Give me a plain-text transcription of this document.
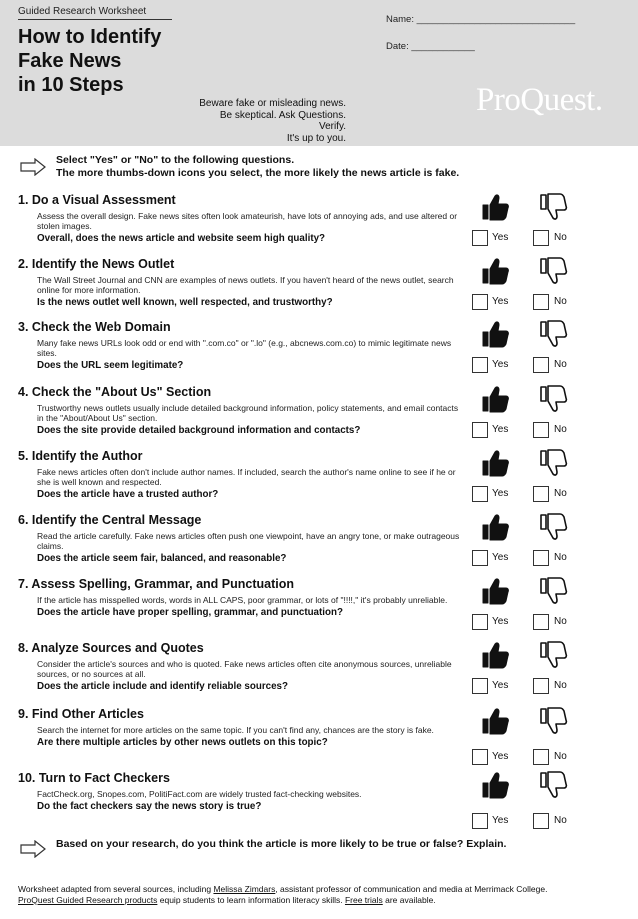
Guided Research Worksheet
How to Identify
Fake News
in 10 Steps
Name: ______________________________
Date: ____________
Beware fake or misleading news.
Be skeptical. Ask Questions.
Verify.
It's up to you.
ProQuest.
Select "Yes" or "No" to the following questions.
The more thumbs-down icons you select, the more likely the news article is fake.
1. Do a Visual Assessment
Assess the overall design. Fake news sites often look amateurish, have lots of annoying ads, and use altered or stolen images.
Overall, does the news article and website seem high quality?	Yes	No
2. Identify the News Outlet
The Wall Street Journal and CNN are examples of news outlets. If you haven't heard of the news outlet, search online for more information.
Is the news outlet well known, well respected, and trustworthy?	Yes	No
3. Check the Web Domain
Many fake news URLs look odd or end with ".com.co" or ".lo" (e.g., abcnews.com.co) to mimic legitimate news sites.
Does the URL seem legitimate?	Yes	No
4. Check the "About Us" Section
Trustworthy news outlets usually include detailed background information, policy statements, and email contacts in the "About/About Us" section.
Does the site provide detailed background information and contacts?	Yes	No
5. Identify the Author
Fake news articles often don't include author names. If included, search the author's name online to see if he or she is well known and respected.
Does the article have a trusted author?	Yes	No
6. Identify the Central Message
Read the article carefully. Fake news articles often push one viewpoint, have an angry tone, or make outrageous claims.
Does the article seem fair, balanced, and reasonable?	Yes	No
7. Assess Spelling, Grammar, and Punctuation
If the article has misspelled words, words in ALL CAPS, poor grammar, or lots of "!!!!," it's probably unreliable.
Does the article have proper spelling, grammar, and punctuation?
Yes	No
8. Analyze Sources and Quotes
Consider the article's sources and who is quoted. Fake news articles often cite anonymous sources, unreliable sources, or no sources at all.
Does the article include and identify reliable sources?	Yes	No
9. Find Other Articles
Search the internet for more articles on the same topic. If you can't find any, chances are the story is fake.
Are there multiple articles by other news outlets on this topic?
Yes	No
10. Turn to Fact Checkers
FactCheck.org, Snopes.com, PolitiFact.com are widely trusted fact-checking websites.
Do the fact checkers say the news story is true?
Yes	No
Based on your research, do you think the article is more likely to be true or false? Explain.
Worksheet adapted from several sources, including Melissa Zimdars, assistant professor of communication and media at Merrimack College.
ProQuest Guided Research products equip students to learn information literacy skills. Free trials are available.
